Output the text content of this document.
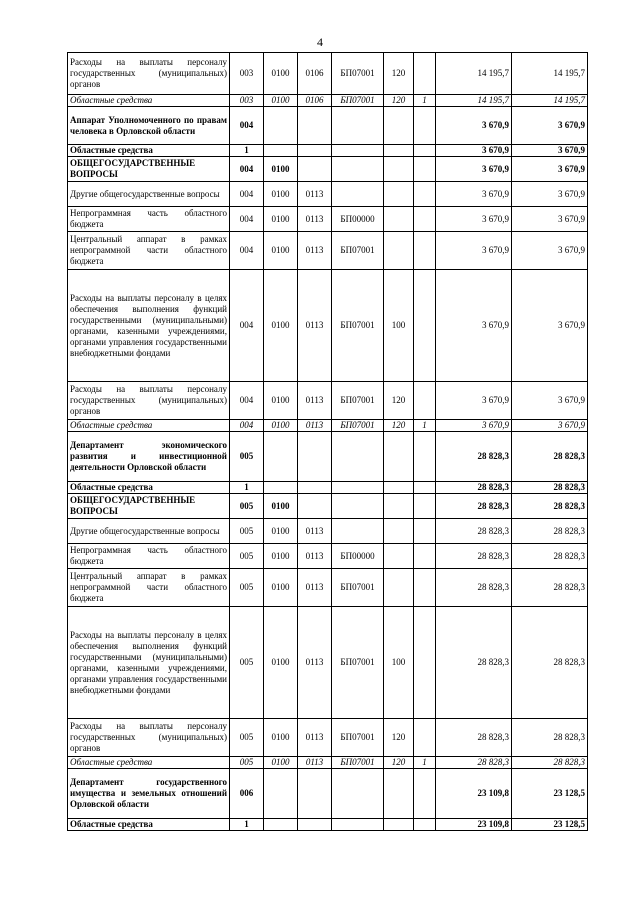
4
Расходы на выплаты персоналу государственных (муниципальных) органов	003	0100	0106	БП07001	120		14 195,7	14 195,7
Областные средства	003	0100	0106	БП07001	120	1	14 195,7	14 195,7
Аппарат Уполномоченного по правам человека в Орловской области	004						3 670,9	3 670,9
Областные средства	1						3 670,9	3 670,9
ОБЩЕГОСУДАРСТВЕННЫЕ ВОПРОСЫ	004	0100					3 670,9	3 670,9
Другие общегосударственные вопросы	004	0100	0113				3 670,9	3 670,9
Непрограммная часть областного бюджета	004	0100	0113	БП00000			3 670,9	3 670,9
Центральный аппарат в рамках непрограммной части областного бюджета	004	0100	0113	БП07001			3 670,9	3 670,9
Расходы на выплаты персоналу в целях обеспечения выполнения функций государственными (муниципальными) органами, казенными учреждениями, органами управления государственными внебюджетными фондами	004	0100	0113	БП07001	100		3 670,9	3 670,9
Расходы на выплаты персоналу государственных (муниципальных) органов	004	0100	0113	БП07001	120		3 670,9	3 670,9
Областные средства	004	0100	0113	БП07001	120	1	3 670,9	3 670,9
Департамент экономического развития и инвестиционной деятельности Орловской области	005						28 828,3	28 828,3
Областные средства	1						28 828,3	28 828,3
ОБЩЕГОСУДАРСТВЕННЫЕ ВОПРОСЫ	005	0100					28 828,3	28 828,3
Другие общегосударственные вопросы	005	0100	0113				28 828,3	28 828,3
Непрограммная часть областного бюджета	005	0100	0113	БП00000			28 828,3	28 828,3
Центральный аппарат в рамках непрограммной части областного бюджета	005	0100	0113	БП07001			28 828,3	28 828,3
Расходы на выплаты персоналу в целях обеспечения выполнения функций государственными (муниципальными) органами, казенными учреждениями, органами управления государственными внебюджетными фондами	005	0100	0113	БП07001	100		28 828,3	28 828,3
Расходы на выплаты персоналу государственных (муниципальных) органов	005	0100	0113	БП07001	120		28 828,3	28 828,3
Областные средства	005	0100	0113	БП07001	120	1	28 828,3	28 828,3
Департамент государственного имущества и земельных отношений Орловской области	006						23 109,8	23 128,5
Областные средства	1						23 109,8	23 128,5
